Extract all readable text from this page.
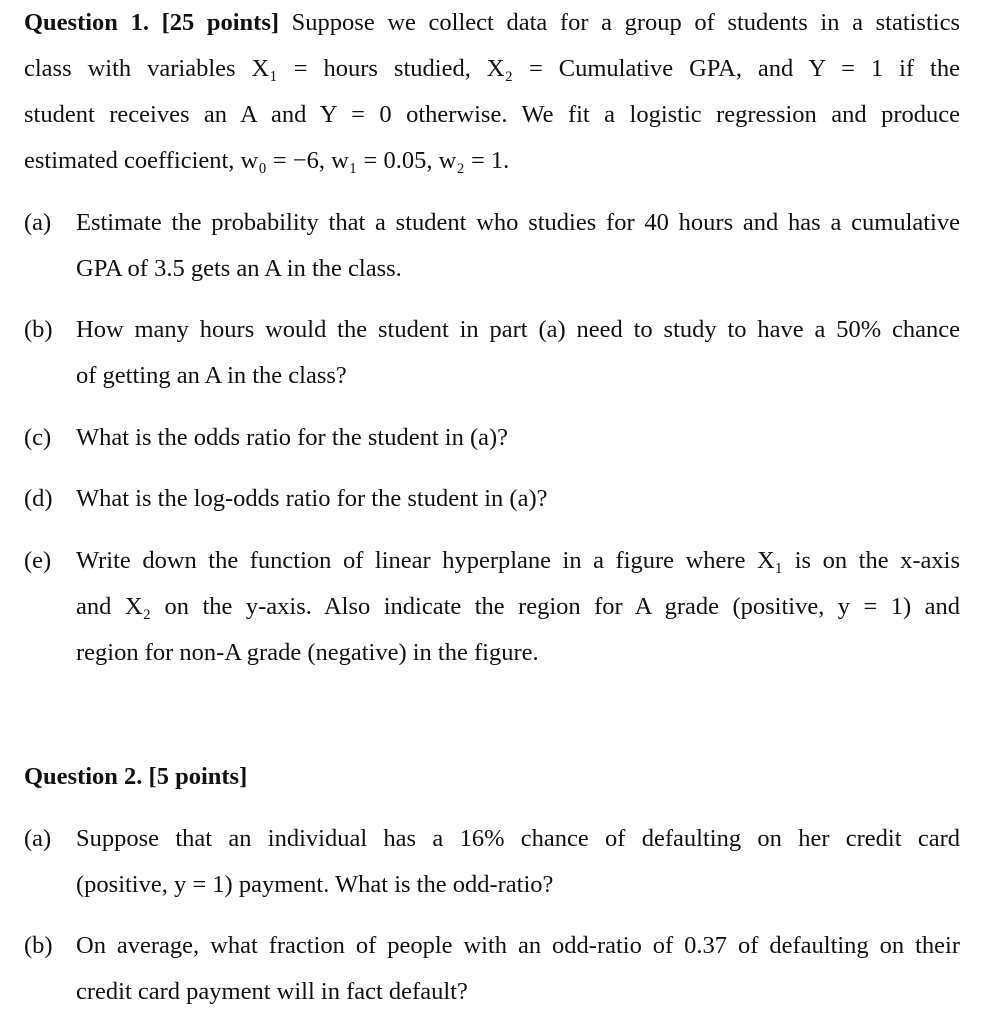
Question 1. [25 points] Suppose we collect data for a group of students in a statistics
class with variables X₁ = hours studied, X₂ = Cumulative GPA, and Y = 1 if the
student receives an A and Y = 0 otherwise. We fit a logistic regression and produce
estimated coefficient, w₀ = −6, w₁ = 0.05, w₂ = 1.
(a) Estimate the probability that a student who studies for 40 hours and has a cumulative
GPA of 3.5 gets an A in the class.
(b) How many hours would the student in part (a) need to study to have a 50% chance
of getting an A in the class?
(c) What is the odds ratio for the student in (a)?
(d) What is the log-odds ratio for the student in (a)?
(e) Write down the function of linear hyperplane in a figure where X₁ is on the x-axis
and X₂ on the y-axis. Also indicate the region for A grade (positive, y = 1) and
region for non-A grade (negative) in the figure.
Question 2. [5 points]
(a) Suppose that an individual has a 16% chance of defaulting on her credit card
(positive, y = 1) payment. What is the odd-ratio?
(b) On average, what fraction of people with an odd-ratio of 0.37 of defaulting on their
credit card payment will in fact default?
